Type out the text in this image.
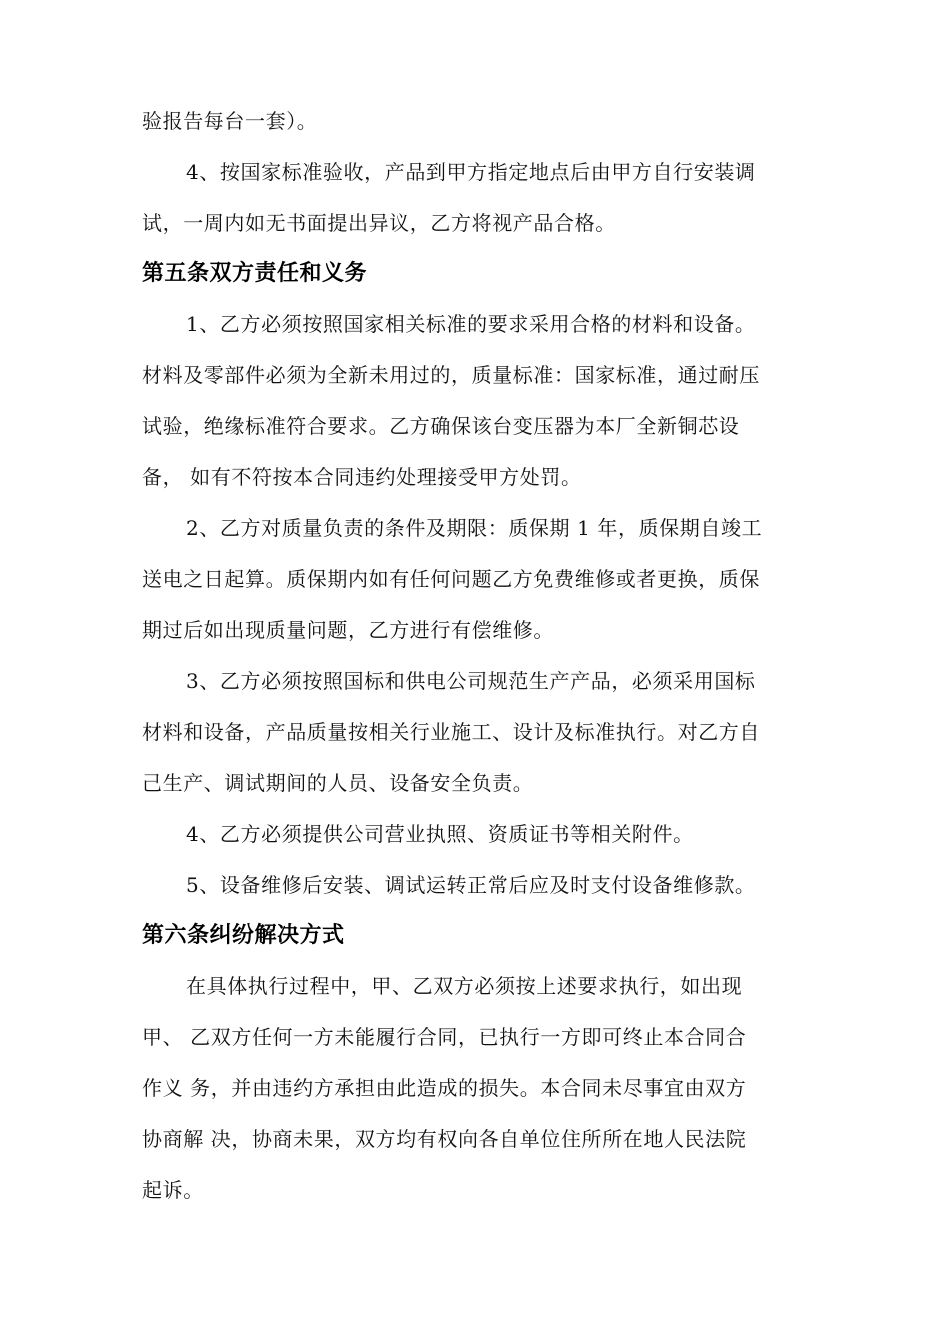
验报告每台一套）。

4、按国家标准验收，产品到甲方指定地点后由甲方自行安装调

试，一周内如无书面提出异议，乙方将视产品合格。

第五条双方责任和义务

1、乙方必须按照国家相关标准的要求采用合格的材料和设备。

材料及零部件必须为全新未用过的，质量标准：国家标准，通过耐压

试验，绝缘标准符合要求。乙方确保该台变压器为本厂全新铜芯设

备， 如有不符按本合同违约处理接受甲方处罚。

2、乙方对质量负责的条件及期限：质保期 1 年，质保期自竣工

送电之日起算。质保期内如有任何问题乙方免费维修或者更换，质保

期过后如出现质量问题，乙方进行有偿维修。

3、乙方必须按照国标和供电公司规范生产产品，必须采用国标

材料和设备，产品质量按相关行业施工、设计及标准执行。对乙方自

己生产、调试期间的人员、设备安全负责。

4、乙方必须提供公司营业执照、资质证书等相关附件。

5、设备维修后安装、调试运转正常后应及时支付设备维修款。

第六条纠纷解决方式

在具体执行过程中，甲、乙双方必须按上述要求执行，如出现

甲、 乙双方任何一方未能履行合同，已执行一方即可终止本合同合

作义 务，并由违约方承担由此造成的损失。本合同未尽事宜由双方

协商解 决，协商未果，双方均有权向各自单位住所所在地人民法院

起诉。
